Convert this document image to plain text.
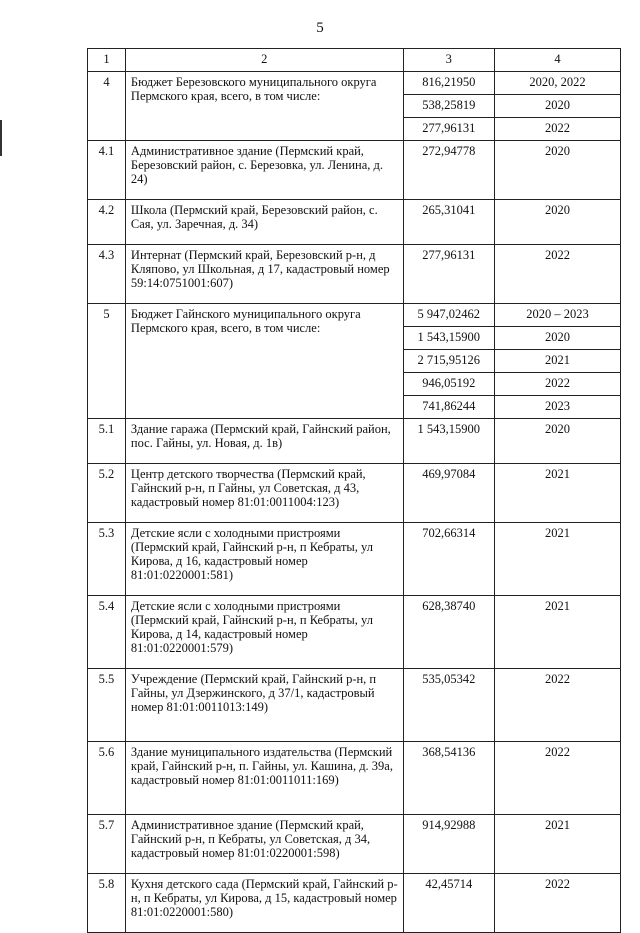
5
1	2	3	4
4	Бюджет Березовского муниципального округа Пермского края, всего, в том числе:	816,21950	2020, 2022
		538,25819	2020
		277,96131	2022
4.1	Административное здание (Пермский край, Березовский район, с. Березовка, ул. Ленина, д. 24)	272,94778	2020
4.2	Школа (Пермский край, Березовский район, с. Сая, ул. Заречная, д. 34)	265,31041	2020
4.3	Интернат (Пермский край, Березовский р-н, д Кляпово, ул Школьная, д 17, кадастровый номер 59:14:0751001:607)	277,96131	2022
5	Бюджет Гайнского муниципального округа Пермского края, всего, в том числе:	5 947,02462	2020 – 2023
		1 543,15900	2020
		2 715,95126	2021
		946,05192	2022
		741,86244	2023
5.1	Здание гаража (Пермский край, Гайнский район, пос. Гайны, ул. Новая, д. 1в)	1 543,15900	2020
5.2	Центр детского творчества (Пермский край, Гайнский р-н, п Гайны, ул Советская, д 43, кадастровый номер 81:01:0011004:123)	469,97084	2021
5.3	Детские ясли с холодными пристроями (Пермский край, Гайнский р-н, п Кебраты, ул Кирова, д 16, кадастровый номер 81:01:0220001:581)	702,66314	2021
5.4	Детские ясли с холодными пристроями (Пермский край, Гайнский р-н, п Кебраты, ул Кирова, д 14, кадастровый номер 81:01:0220001:579)	628,38740	2021
5.5	Учреждение (Пермский край, Гайнский р-н, п Гайны, ул Дзержинского, д 37/1, кадастровый номер 81:01:0011013:149)	535,05342	2022
5.6	Здание муниципального издательства (Пермский край, Гайнский р-н, п. Гайны, ул. Кашина, д. 39а, кадастровый номер 81:01:0011011:169)	368,54136	2022
5.7	Административное здание (Пермский край, Гайнский р-н, п Кебраты, ул Советская, д 34, кадастровый номер 81:01:0220001:598)	914,92988	2021
5.8	Кухня детского сада (Пермский край, Гайнский р-н, п Кебраты, ул Кирова, д 15, кадастровый номер 81:01:0220001:580)	42,45714	2022
